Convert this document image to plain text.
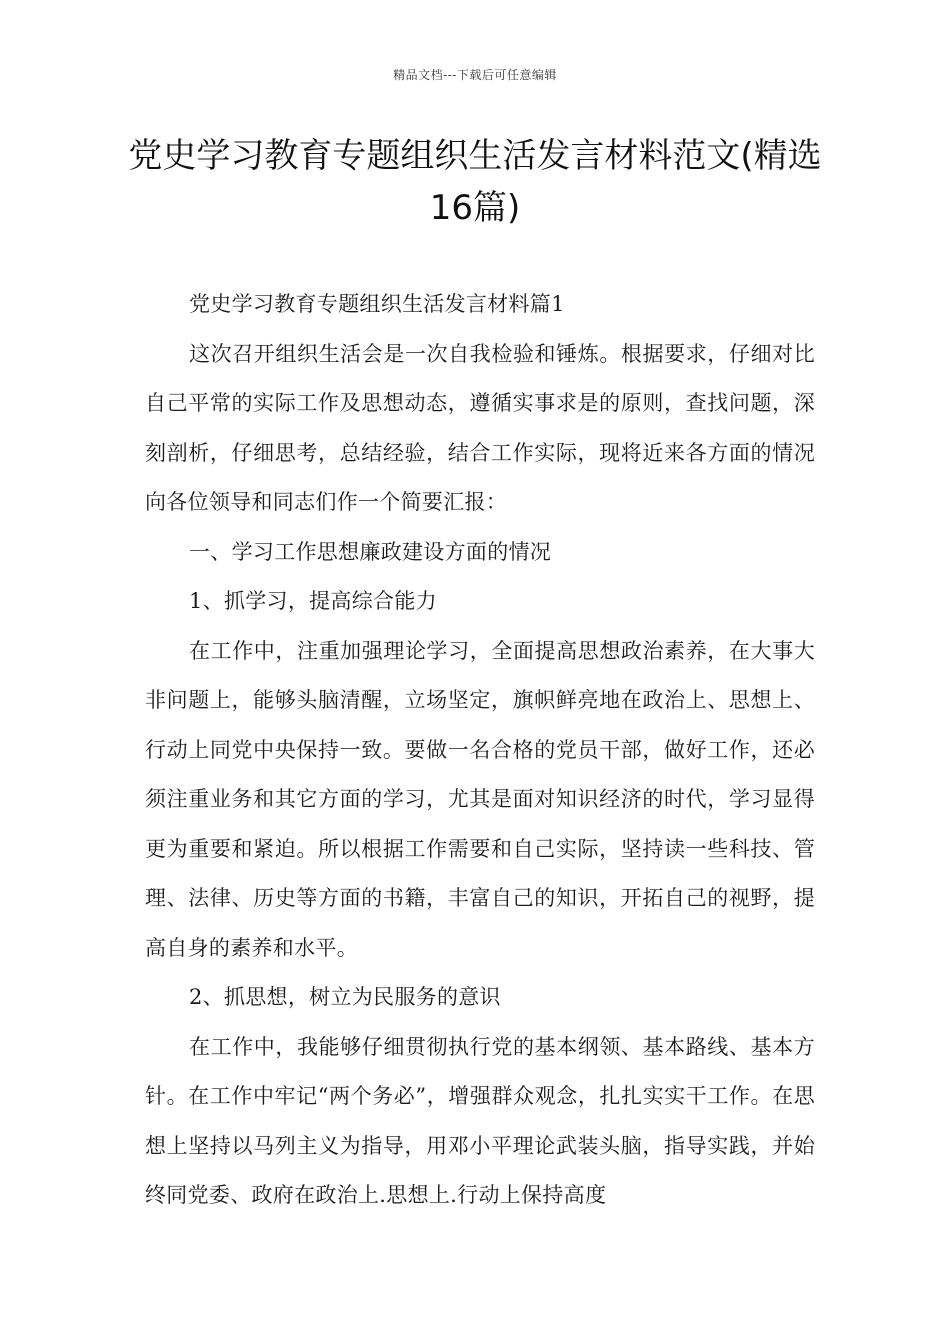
精品文档---下载后可任意编辑
党史学习教育专题组织生活发言材料范文(精选16篇)

党史学习教育专题组织生活发言材料篇1

这次召开组织生活会是一次自我检验和锤炼。根据要求，仔细对比自己平常的实际工作及思想动态，遵循实事求是的原则，查找问题，深刻剖析，仔细思考，总结经验，结合工作实际，现将近来各方面的情况向各位领导和同志们作一个简要汇报：

一、学习工作思想廉政建设方面的情况

1、抓学习，提高综合能力

在工作中，注重加强理论学习，全面提高思想政治素养，在大事大非问题上，能够头脑清醒，立场坚定，旗帜鲜亮地在政治上、思想上、行动上同党中央保持一致。要做一名合格的党员干部，做好工作，还必须注重业务和其它方面的学习，尤其是面对知识经济的时代，学习显得更为重要和紧迫。所以根据工作需要和自己实际，坚持读一些科技、管理、法律、历史等方面的书籍，丰富自己的知识，开拓自己的视野，提高自身的素养和水平。

2、抓思想，树立为民服务的意识

在工作中，我能够仔细贯彻执行党的基本纲领、基本路线、基本方针。在工作中牢记“两个务必”，增强群众观念，扎扎实实干工作。在思想上坚持以马列主义为指导，用邓小平理论武装头脑，指导实践，并始终同党委、政府在政治上.思想上.行动上保持高度
